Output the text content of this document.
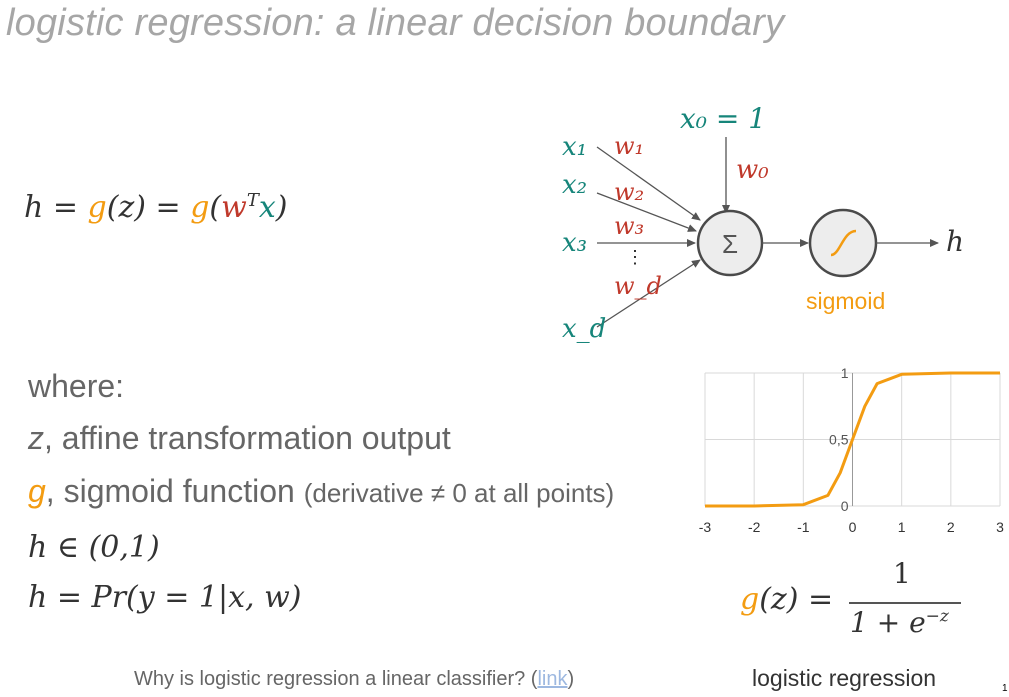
logistic regression: a linear decision boundary
$h = g(z) = g(w^Tx)$
Σ
x₀ = 1
w₀
x₁
x₂
x₃
x_d
w₁
w₂
w₃
⋮
w_d
h
sigmoid
where:
z, affine transformation output
g, sigmoid function (derivative ≠ 0 at all points)
h ∈ (0,1)
h = Pr(y = 1|x, w)
-3	-2	-1	0	1	2	3
0
0,5
1
g(z) =
1
$1 + e^{-z}$
Why is logistic regression a linear classifier? (link)	logistic regression	1
